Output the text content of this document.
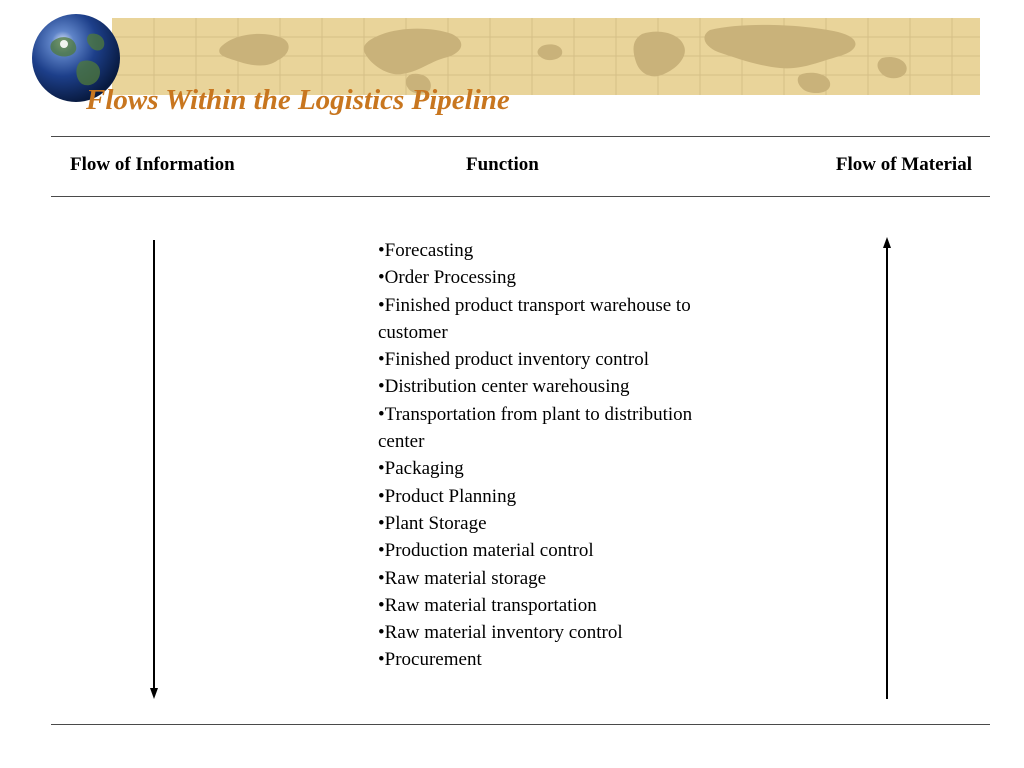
Flows Within the Logistics Pipeline
Flow of Information	Function	Flow of Material
•Forecasting
•Order Processing
•Finished product transport warehouse to customer
•Finished product inventory control
•Distribution center warehousing
•Transportation from plant to distribution center
•Packaging
•Product Planning
•Plant Storage
•Production material control
•Raw material storage
•Raw material transportation
•Raw material inventory control
•Procurement
